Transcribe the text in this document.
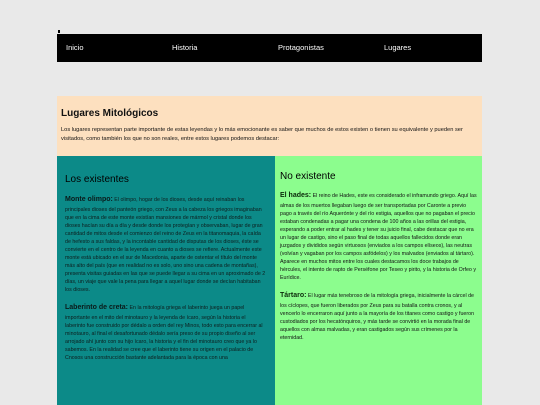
Inicio	Historia	Protagonistas	Lugares
Lugares Mitológicos

Los lugares representan parte importante de estas leyendas y lo más emocionante es saber que muchos de estos existen o tienen su equivalente y pueden ser visitados, como también los que no son reales, entre estos lugares podemos destacar:

Los existentes

Monte olimpo: El olimpo, hogar de los dioses, desde aquí reinaban los principales dioses del panteón griego, con Zeus a la cabeza los griegos imaginaban que en la cima de este monte existían mansiones de mármol y cristal donde los dioses hacían su día a día y desde donde los protegían y observaban, lugar de gran cantidad de mitos desde el comienzo del reino de Zeus en la titanomaquia, la caída de hefesto a sus faldas, y la incontable cantidad de disputas de los dioses, éste se convierte en el centro de la leyenda en cuanto a dioses se refiere. Actualmente este monte está ubicado en el sur de Macedonia, aparte de ostentar el título del monte más alto del país (que en realidad no es solo, uno sino una cadena de montañas), presenta visitas guiadas en las que se puede llegar a su cima en un aproximado de 2 días, un viaje que vale la pena para llegar a aquel lugar donde se decían habitaban los dioses.

Laberinto de creta: En la mitología griega el laberinto juega un papel importante en el mito del minotauro y la leyenda de ícaro, según la historia el laberinto fue construido por dédalo a orden del rey Minos, todo esto para encerrar al minotauro, al final el desafortunado dédalo sería preso de su propio diseño al ser arrojado ahí junto con su hijo ícaro, la historia y el fin del minotauro creo que ya lo sabemos. En la realidad se cree que el laberinto tiene su origen en el palacio de Cnosos una construcción bastante adelantada para la época con una

No existente

El hades: El reino de Hades, este es considerado el inframundo griego. Aquí las almas de los muertos llegaban luego de ser transportadas por Caronte a previo pago a través del río Aquerónte y del río estigia, aquellos que no pagaban el precio estaban condenadas a pagar una condena de 100 años a las orillas del estigia, esperando a poder entrar al hades y tener su juicio final, cabe destacar que no era un lugar de castigo, sino el paso final de todas aquellos fallecidos donde eran juzgados y divididos según virtuosos (enviados a los campos elíseos), las neutras (volvían y vagaban por los campos asfódelos) y los malvados (enviados al tártaro). Aparece en muchos mitos entre los cuales destacamos los doce trabajos de hércules, el intento de rapto de Perséfone por Teseo y pirito, y la historia de Orfeo y Eurídice.

Tártaro: El lugar más tenebroso de la mitología griega, inicialmente la cárcel de los cíclopes, que fueron liberados por Zeus para su batalla contra cronos, y al vencerlo lo encerraron aquí junto a la mayoría de los titanes como castigo y fueron custodiados por los hecatónquiros, y más tarde se convirtió en la morada final de aquellos con almas malvadas, y eran castigados según sus crímenes por la eternidad.
